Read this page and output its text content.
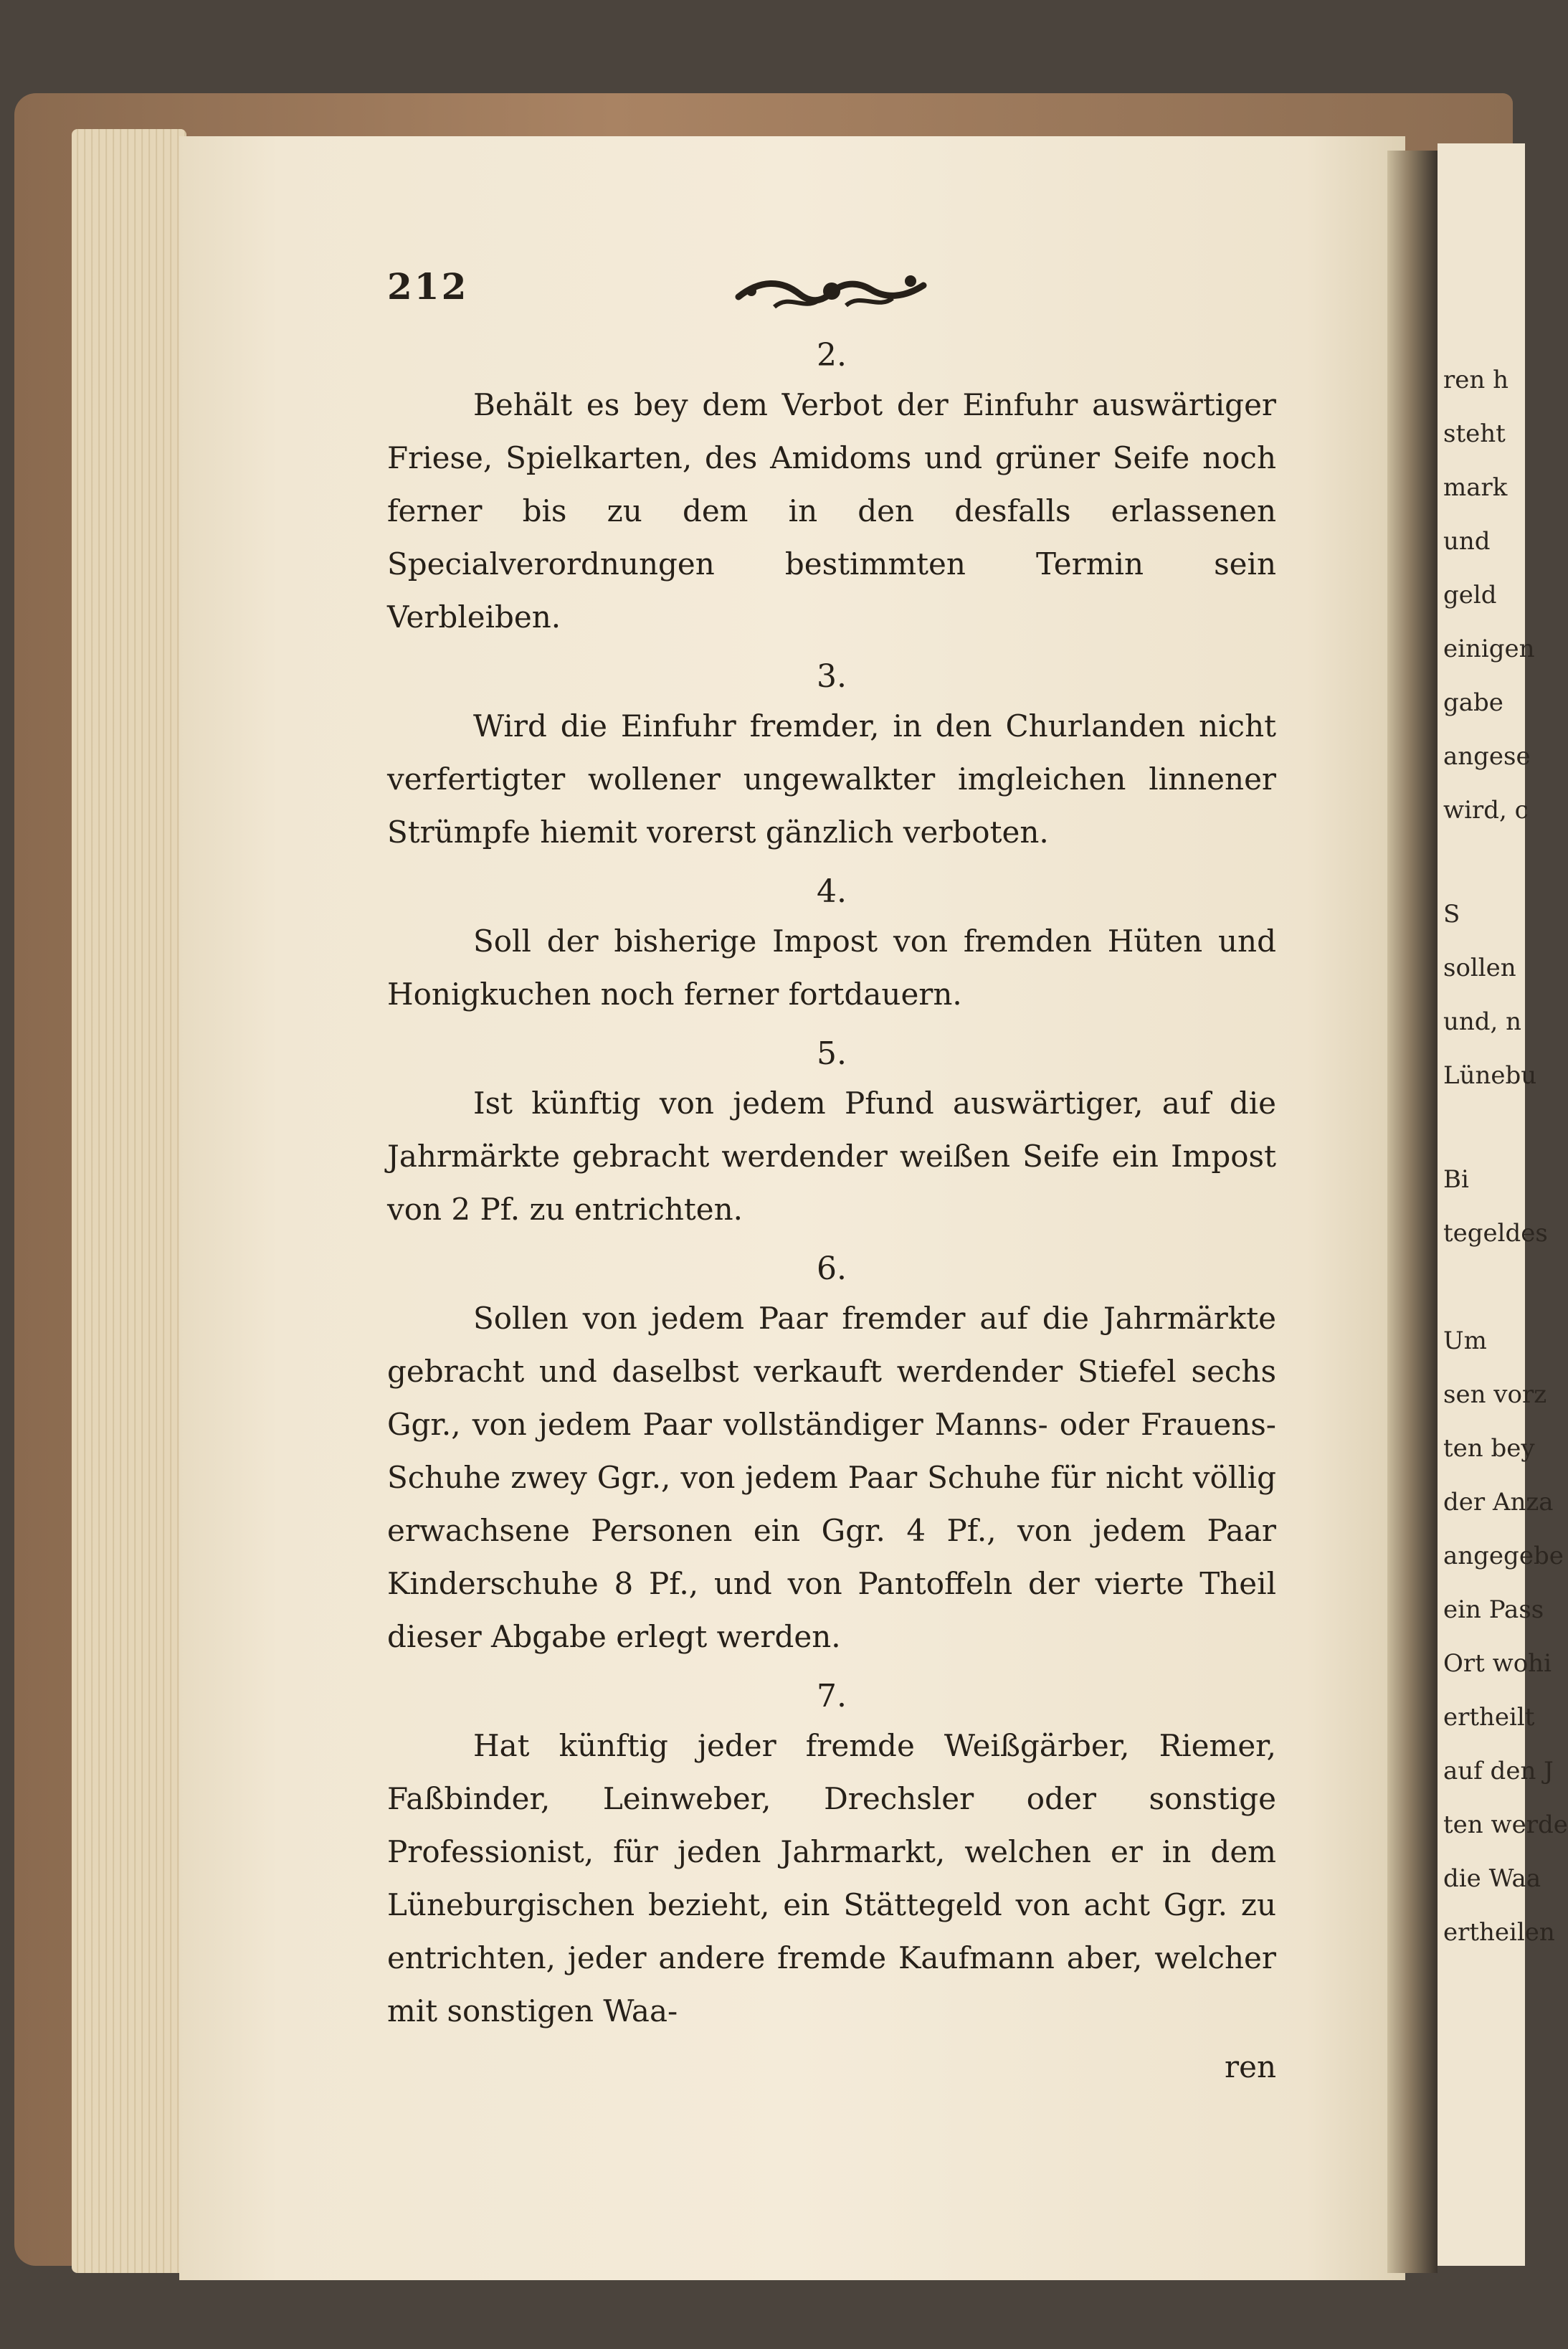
ren h
steht
mark
und
geld
einigen
gabe
angese
wird, c
S
sollen
und, n
Lünebu
Bi
tegeldes
Um
sen vorz
ten bey
der Anza
angegebe
ein Pass
Ort wohi
ertheilt
auf den J
ten werde
die Waa
ertheilen
212
2.

Behält es bey dem Verbot der Einfuhr auswärtiger Friese, Spielkarten, des Amidoms und grüner Seife noch ferner bis zu dem in den desfalls erlassenen Specialverordnungen bestimmten Termin sein Verbleiben.

3.

Wird die Einfuhr fremder, in den Churlanden nicht verfertigter wollener ungewalkter imgleichen linnener Strümpfe hiemit vorerst gänzlich verboten.

4.

Soll der bisherige Impost von fremden Hüten und Honigkuchen noch ferner fortdauern.

5.

Ist künftig von jedem Pfund auswärtiger, auf die Jahrmärkte gebracht werdender weißen Seife ein Impost von 2 Pf. zu entrichten.

6.

Sollen von jedem Paar fremder auf die Jahrmärkte gebracht und daselbst verkauft werdender Stiefel sechs Ggr., von jedem Paar vollständiger Manns- oder Frauens-Schuhe zwey Ggr., von jedem Paar Schuhe für nicht völlig erwachsene Personen ein Ggr. 4 Pf., von jedem Paar Kinderschuhe 8 Pf., und von Pantoffeln der vierte Theil dieser Abgabe erlegt werden.

7.

Hat künftig jeder fremde Weißgärber, Riemer, Faßbinder, Leinweber, Drechsler oder sonstige Professionist, für jeden Jahrmarkt, welchen er in dem Lüneburgischen bezieht, ein Stättegeld von acht Ggr. zu entrichten, jeder andere fremde Kaufmann aber, welcher mit sonstigen Waa-

ren
